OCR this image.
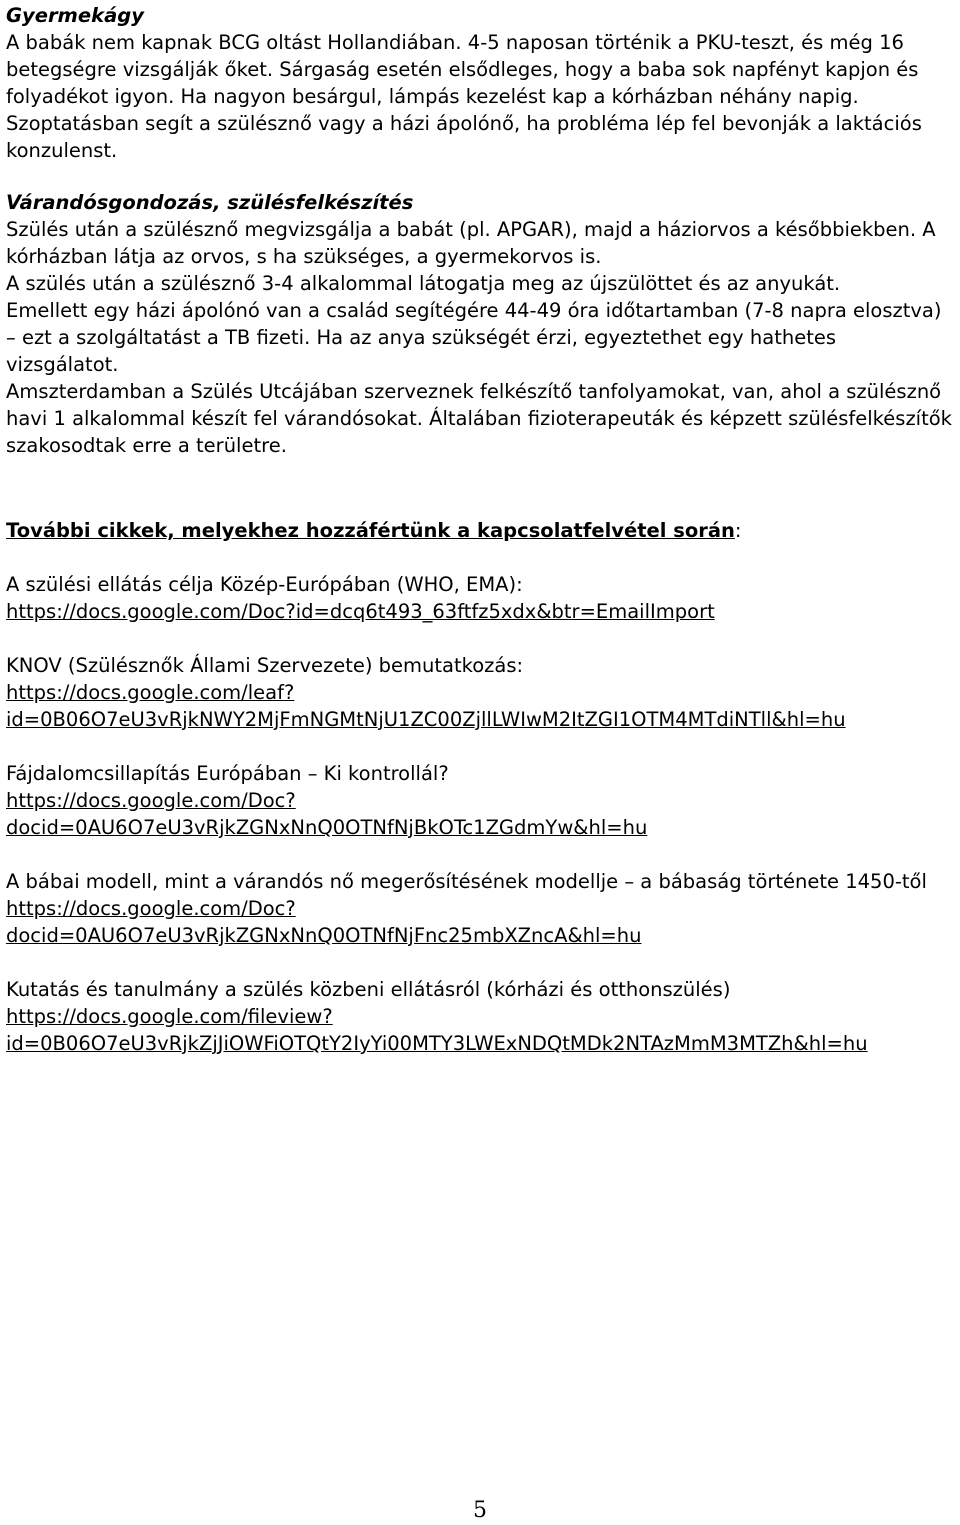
Gyermekágy

A babák nem kapnak BCG oltást Hollandiában. 4-5 naposan történik a PKU-teszt, és még 16 betegségre vizsgálják őket. Sárgaság esetén elsődleges, hogy a baba sok napfényt kapjon és folyadékot igyon. Ha nagyon besárgul, lámpás kezelést kap a kórházban néhány napig. Szoptatásban segít a szülésznő vagy a házi ápolónő, ha probléma lép fel bevonják a laktációs konzulenst.

Várandósgondozás, szülésfelkészítés

Szülés után a szülésznő megvizsgálja a babát (pl. APGAR), majd a háziorvos a későbbiekben. A kórházban látja az orvos, s ha szükséges, a gyermekorvos is.

A szülés után a szülésznő 3-4 alkalommal látogatja meg az újszülöttet és az anyukát.

Emellett egy házi ápolónó van a család segítégére 44-49 óra időtartamban (7-8 napra elosztva) – ezt a szolgáltatást a TB fizeti. Ha az anya szükségét érzi, egyeztethet egy hathetes vizsgálatot.

Amszterdamban a Szülés Utcájában szerveznek felkészítő tanfolyamokat, van, ahol a szülésznő havi 1 alkalommal készít fel várandósokat. Általában fizioterapeuták és képzett szülésfelkészítők szakosodtak erre a területre.

További cikkek, melyekhez hozzáfértünk a kapcsolatfelvétel során:

A szülési ellátás célja Közép-Európában (WHO, EMA):

https://docs.google.com/Doc?id=dcq6t493_63ftfz5xdx&btr=EmailImport

KNOV (Szülésznők Állami Szervezete) bemutatkozás:

https://docs.google.com/leaf?
id=0B06O7eU3vRjkNWY2MjFmNGMtNjU1ZC00ZjllLWIwM2ItZGI1OTM4MTdiNTll&hl=hu

Fájdalomcsillapítás Európában – Ki kontrollál?

https://docs.google.com/Doc?
docid=0AU6O7eU3vRjkZGNxNnQ0OTNfNjBkOTc1ZGdmYw&hl=hu

A bábai modell, mint a várandós nő megerősítésének modellje – a bábaság története 1450-től

https://docs.google.com/Doc?
docid=0AU6O7eU3vRjkZGNxNnQ0OTNfNjFnc25mbXZncA&hl=hu

Kutatás és tanulmány a szülés közbeni ellátásról (kórházi és otthonszülés)

https://docs.google.com/fileview?
id=0B06O7eU3vRjkZjJiOWFiOTQtY2IyYi00MTY3LWExNDQtMDk2NTAzMmM3MTZh&hl=hu
5
